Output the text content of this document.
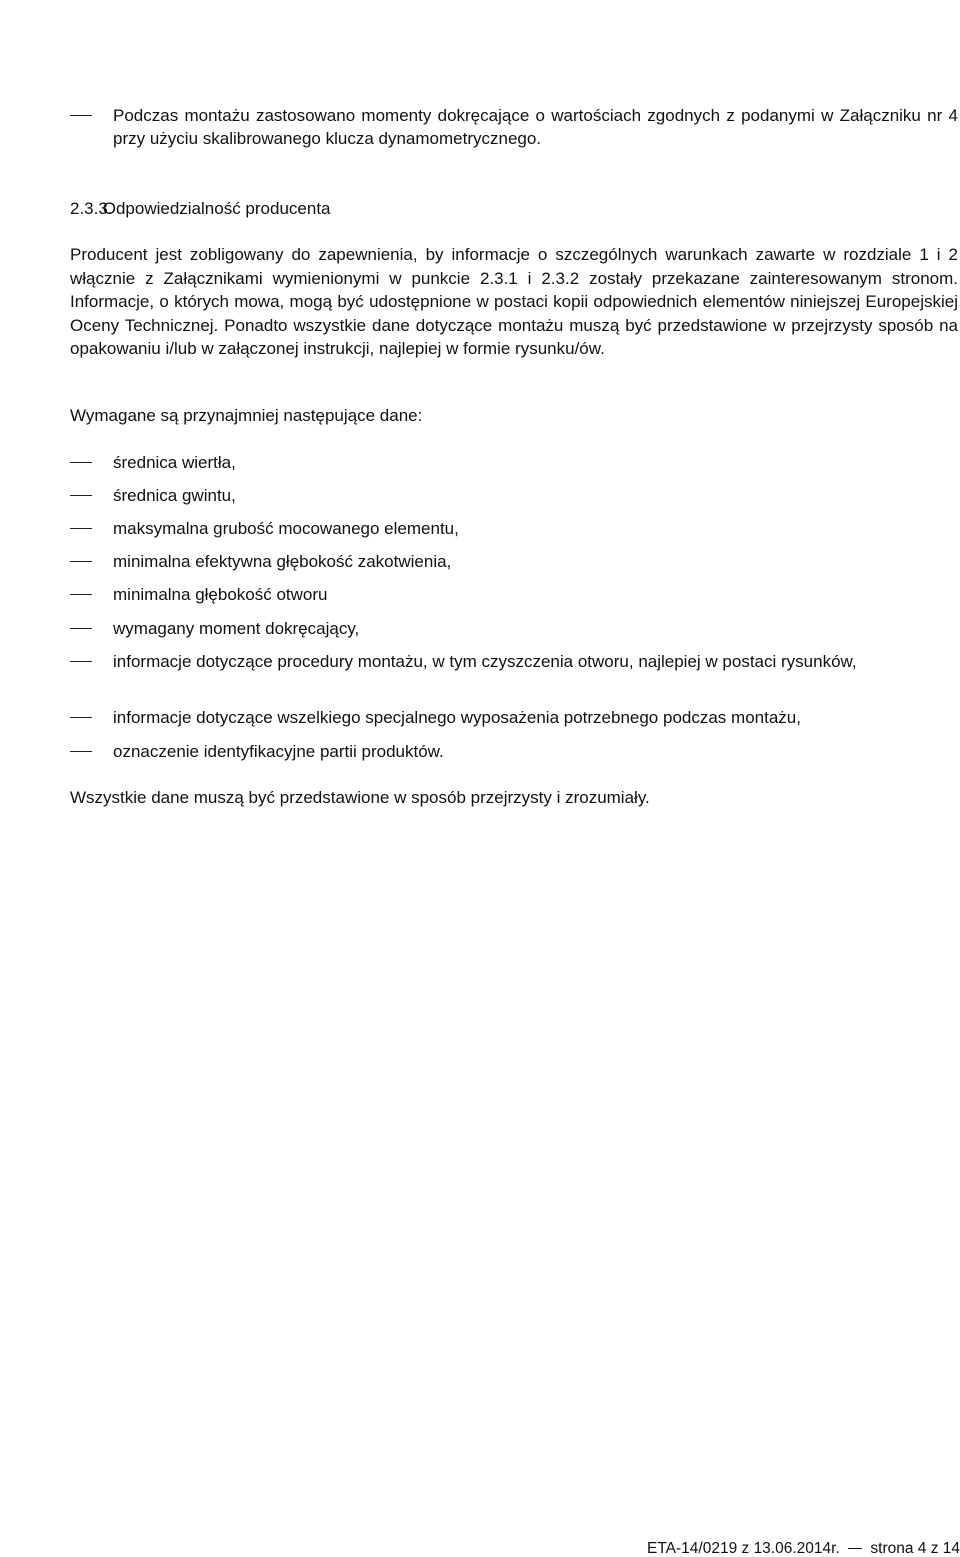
Tłumaczenie Europejskiej Oceny Technicznej ETA-14/0219 EJOT THROUGH BOLTS BA-V, BA-F, BA-E, BA-E HCR
z języka angielskiego. W przypadku wątpliwości decydujący jest tekst oryginału.
Podczas montażu zastosowano momenty dokręcające o wartościach zgodnych z podanymi w Załączniku nr 4 przy użyciu skalibrowanego klucza dynamometrycznego.
2.3.3. Odpowiedzialność producenta
Producent jest zobligowany do zapewnienia, by informacje o szczególnych warunkach zawarte w rozdziale 1 i 2 włącznie z Załącznikami wymienionymi w punkcie 2.3.1 i 2.3.2 zostały przekazane zainteresowanym stronom. Informacje, o których mowa, mogą być udostępnione w postaci kopii odpowiednich elementów niniejszej Europejskiej Oceny Technicznej. Ponadto wszystkie dane dotyczące montażu muszą być przedstawione w przejrzysty sposób na opakowaniu i/lub w załączonej instrukcji, najlepiej w formie rysunku/ów.
Wymagane są przynajmniej następujące dane:
średnica wiertła,
średnica gwintu,
maksymalna grubość mocowanego elementu,
minimalna efektywna głębokość zakotwienia,
minimalna głębokość otworu
wymagany moment dokręcający,
informacje dotyczące procedury montażu, w tym czyszczenia otworu, najlepiej w postaci rysunków,
informacje dotyczące wszelkiego specjalnego wyposażenia potrzebnego podczas montażu,
oznaczenie identyfikacyjne partii produktów.
Wszystkie dane muszą być przedstawione w sposób przejrzysty i zrozumiały.
ETA-14/0219 z 13.06.2014r. strona 4 z 14
